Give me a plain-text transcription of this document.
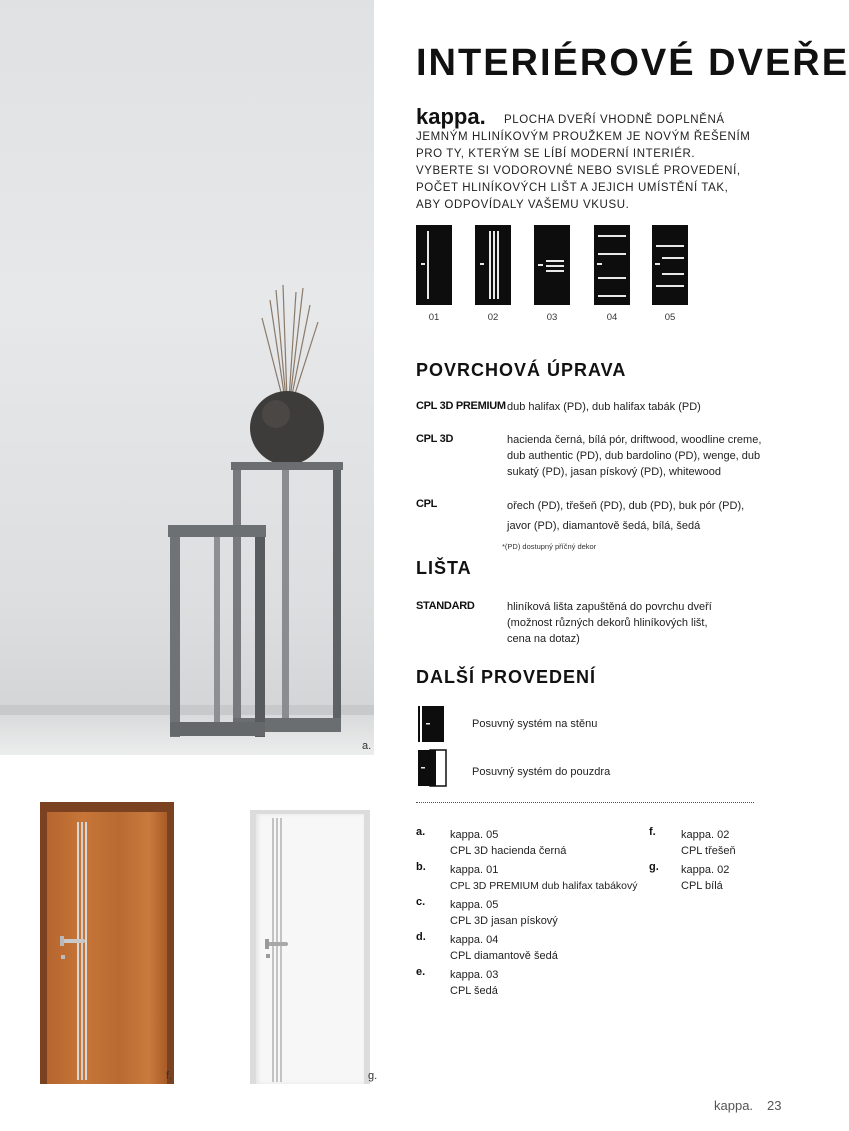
a.
INTERIÉROVÉ DVEŘE
kappa.	PLOCHA DVEŘÍ VHODNĚ DOPLNĚNÁ JEMNÝM HLINÍKOVÝM PROUŽKEM JE NOVÝM ŘEŠENÍM PRO TY, KTERÝM SE LÍBÍ MODERNÍ INTERIÉR. VYBERTE SI VODOROVNÉ NEBO SVISLÉ PROVEDENÍ, POČET HLINÍKOVÝCH LIŠT A JEJICH UMÍSTĚNÍ TAK, ABY ODPOVÍDALY VAŠEMU VKUSU.
01	02	03	04	05
POVRCHOVÁ ÚPRAVA
CPL 3D PREMIUM dub halifax (PD), dub halifax tabák (PD)
CPL 3D	hacienda černá, bílá pór, driftwood, woodline creme,
dub authentic (PD), dub bardolino (PD), wenge, dub
sukatý (PD), jasan pískový (PD), whitewood
CPL	ořech (PD), třešeň (PD), dub (PD), buk pór (PD),
javor (PD), diamantově šedá, bílá, šedá
*(PD) dostupný příčný dekor
LIŠTA
STANDARD	hliníková lišta zapuštěná do povrchu dveří
(možnost různých dekorů hliníkových lišt,
cena na dotaz)
DALŠÍ PROVEDENÍ
Posuvný systém na stěnu
Posuvný systém do pouzdra
a. kappa. 05
CPL 3D hacienda černá
b. kappa. 01
CPL 3D PREMIUM dub halifax tabákový
c. kappa. 05
CPL 3D jasan pískový
d. kappa. 04
CPL diamantově šedá
e. kappa. 03
CPL šedá
f. kappa. 02
CPL třešeň
g. kappa. 02
CPL bílá
f.	g.
kappa. 23
